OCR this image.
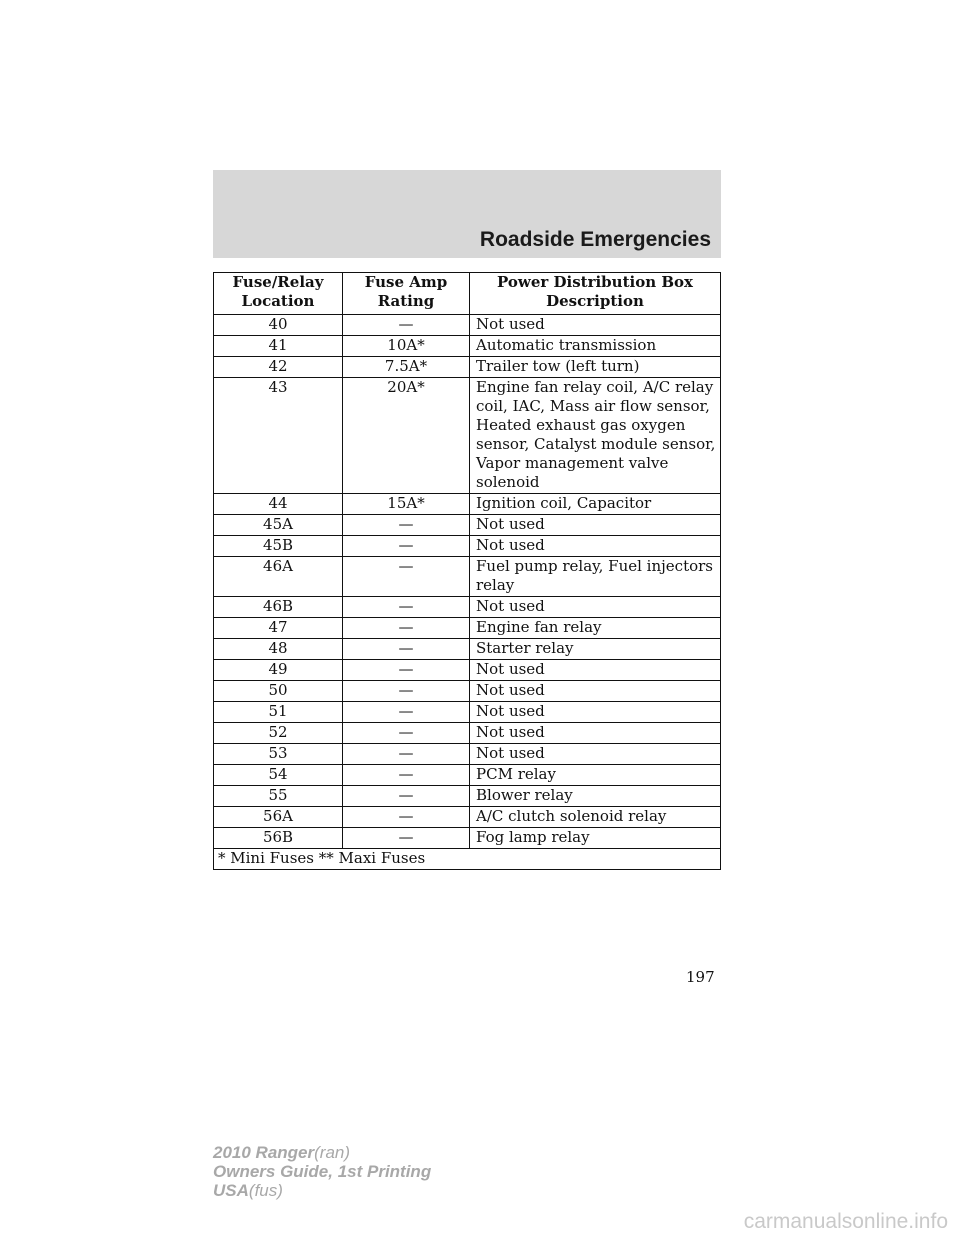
Roadside Emergencies
Fuse/Relay Location	Fuse Amp Rating	Power Distribution Box Description
40	—	Not used
41	10A*	Automatic transmission
42	7.5A*	Trailer tow (left turn)
43	20A*	Engine fan relay coil, A/C relay coil, IAC, Mass air flow sensor, Heated exhaust gas oxygen sensor, Catalyst module sensor, Vapor management valve solenoid
44	15A*	Ignition coil, Capacitor
45A	—	Not used
45B	—	Not used
46A	—	Fuel pump relay, Fuel injectors relay
46B	—	Not used
47	—	Engine fan relay
48	—	Starter relay
49	—	Not used
50	—	Not used
51	—	Not used
52	—	Not used
53	—	Not used
54	—	PCM relay
55	—	Blower relay
56A	—	A/C clutch solenoid relay
56B	—	Fog lamp relay
* Mini Fuses ** Maxi Fuses		
197
2010 Ranger(ran)
Owners Guide, 1st Printing
USA(fus)
carmanualsonline.info
